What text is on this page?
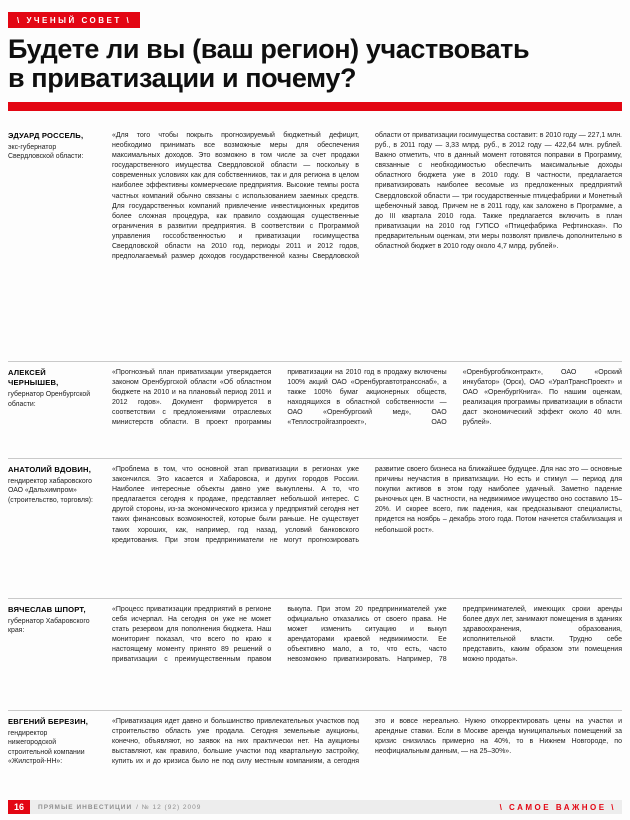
\ УЧЕНЫЙ СОВЕТ \
Будете ли вы (ваш регион) участвовать
в приватизации и почему?
ЭДУАРД РОССЕЛЬ,
экс-губернатор Свердловской области:
«Для того чтобы покрыть прогнозируемый бюджетный дефицит, необходимо принимать все возможные меры для обеспечения максимальных доходов. Это возможно в том числе за счет продажи государственного имущества Свердловской области — поскольку в современных условиях как для собственников, так и для региона в целом наиболее эффективны коммерческие предприятия. Высокие темпы роста частных компаний обычно связаны с использованием заемных средств. Для государственных компаний привлечение инвестиционных кредитов более сложная процедура, как правило создающая существенные ограничения в развитии предприятия. В соответствии с Программой управления госсобственностью и приватизации госимущества Свердловской области на 2010 год, периоды 2011 и 2012 годов, предполагаемый размер доходов государственной казны Свердловской области от приватизации госимущества составит: в 2010 году — 227,1 млн. руб., в 2011 году — 3,33 млрд. руб., в 2012 году — 422,64 млн. рублей. Важно отметить, что в данный момент готовятся поправки в Программу, связанные с необходимостью обеспечить максимальные доходы областного бюджета уже в 2010 году. В частности, предлагается приватизировать наиболее весомые из предложенных предприятий Свердловской области — три государственные птицефабрики и Монетный щебеночный завод. Причем не в 2011 году, как заложено в Программе, а до III квартала 2010 года. Также предлагается включить в план приватизации на 2010 год ГУПСО «Птицефабрика Рефтинская». По предварительным оценкам, эти меры позволят привлечь дополнительно в областной бюджет в 2010 году около 4,7 млрд. рублей».
АЛЕКСЕЙ ЧЕРНЫШЕВ,
губернатор Оренбургской области:
«Прогнозный план приватизации утверждается законом Оренбургской области «Об областном бюджете на 2010 и на плановый период 2011 и 2012 годов». Документ формируется в соответствии с предложениями отраслевых министерств области. В проект программы приватизации на 2010 год в продажу включены 100% акций ОАО «Оренбургавтотрансснаб», а также 100% бумаг акционерных обществ, находящихся в областной собственности — ОАО «Оренбургский мед», ОАО «Теплостройгазпроект», ОАО «Оренбургоблконтракт», ОАО «Орский инкубатор» (Орск), ОАО «УралТрансПроект» и ОАО «ОренбургКнига». По нашим оценкам, реализация программы приватизации в области даст экономический эффект около 40 млн. рублей».
АНАТОЛИЙ ВДОВИН,
гендиректор хабаровского ОАО «Дальхимпром» (строительство, торговля):
«Проблема в том, что основной этап приватизации в регионах уже закончился. Это касается и Хабаровска, и других городов России. Наиболее интересные объекты давно уже выкуплены. А то, что предлагается сегодня к продаже, представляет небольшой интерес. С другой стороны, из-за экономического кризиса у предприятий сегодня нет таких финансовых возможностей, которые были раньше. Не существует таких хороших, как, например, год назад, условий банковского кредитования. При этом предприниматели не могут прогнозировать развитие своего бизнеса на ближайшее будущее. Для нас это — основные причины неучастия в приватизации. Но есть и стимул — период для покупки активов в этом году наиболее удачный. Заметно падение рыночных цен. В частности, на недвижимое имущество оно составило 15–20%. И скорее всего, пик падения, как предсказывают специалисты, придется на ноябрь – декабрь этого года. Потом начнется стабилизация и небольшой рост».
ВЯЧЕСЛАВ ШПОРТ,
губернатор Хабаровского края:
«Процесс приватизации предприятий в регионе себя исчерпал. На сегодня он уже не может стать резервом для пополнения бюджета. Наш мониторинг показал, что всего по краю к настоящему моменту принято 89 решений о приватизации с преимущественным правом выкупа. При этом 20 предпринимателей уже официально отказались от своего права. Не может изменить ситуацию и выкуп арендаторами краевой недвижимости. Ее объективно мало, а то, что есть, часто невозможно приватизировать. Например, 78 предпринимателей, имеющих сроки аренды более двух лет, занимают помещения в зданиях здравоохранения, образования, исполнительной власти. Трудно себе представить, каким образом эти помещения можно продать».
ЕВГЕНИЙ БЕРЕЗИН,
гендиректор нижегородской строительной компании «Жилстрой-НН»:
«Приватизация идет давно и большинство привлекательных участков под строительство область уже продала. Сегодня земельные аукционы, конечно, объявляют, но заявок на них практически нет. На аукционы выставляют, как правило, большие участки под квартальную застройку, купить их и до кризиса было не под силу местным компаниям, а сегодня это и вовсе нереально. Нужно откорректировать цены на участки и арендные ставки. Если в Москве аренда муниципальных помещений за кризис снизилась примерно на 40%, то в Нижнем Новгороде, по неофициальным данным, — на 25–30%».
16	ПРЯМЫЕ ИНВЕСТИЦИИ / № 12 (92) 2009	\ САМОЕ ВАЖНОЕ \
